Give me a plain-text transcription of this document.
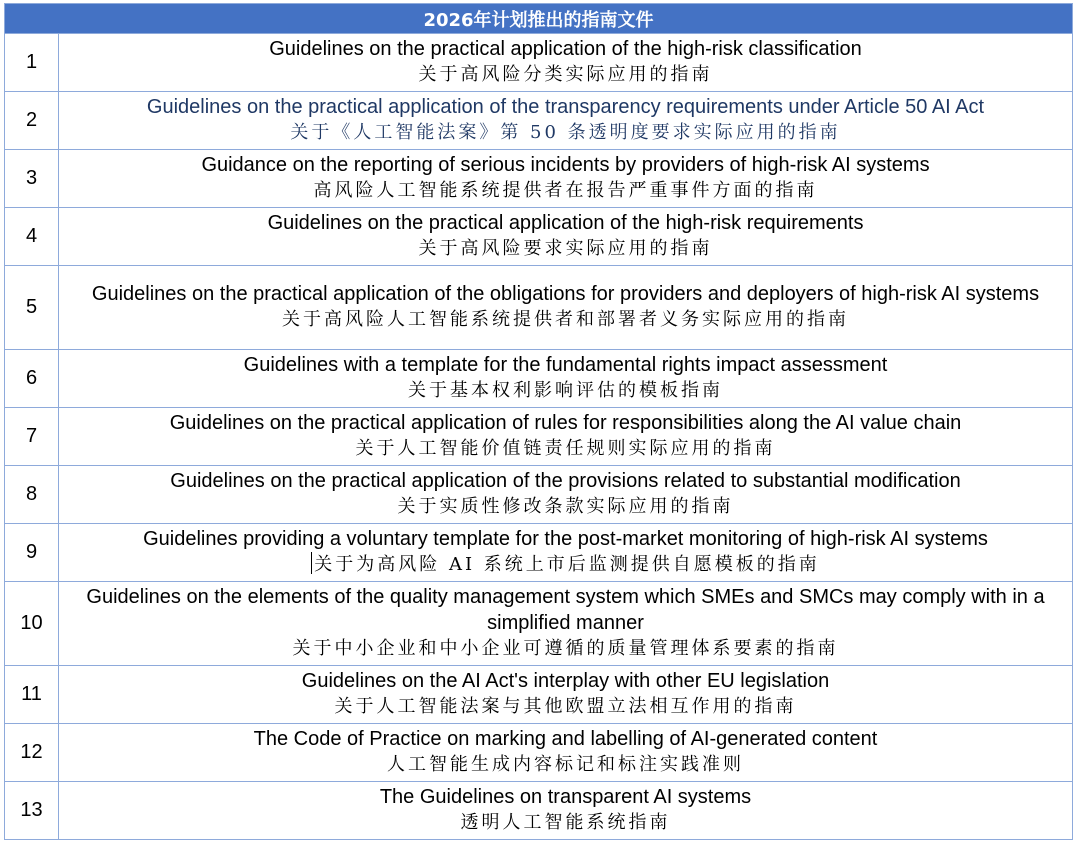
2026年计划推出的指南文件	
1	Guidelines on the practical application of the high-risk classification
关于高风险分类实际应用的指南

2	Guidelines on the practical application of the transparency requirements under Article 50 AI Act
关于《人工智能法案》第 50 条透明度要求实际应用的指南

3	Guidance on the reporting of serious incidents by providers of high-risk AI systems
高风险人工智能系统提供者在报告严重事件方面的指南

4	Guidelines on the practical application of the high-risk requirements
关于高风险要求实际应用的指南

5	Guidelines on the practical application of the obligations for providers and deployers of high-risk AI systems
关于高风险人工智能系统提供者和部署者义务实际应用的指南

6	Guidelines with a template for the fundamental rights impact assessment
关于基本权利影响评估的模板指南

7	Guidelines on the practical application of rules for responsibilities along the AI value chain
关于人工智能价值链责任规则实际应用的指南

8	Guidelines on the practical application of the provisions related to substantial modification
关于实质性修改条款实际应用的指南

9	Guidelines providing a voluntary template for the post-market monitoring of high-risk AI systems
关于为高风险 AI 系统上市后监测提供自愿模板的指南

10	Guidelines on the elements of the quality management system which SMEs and SMCs may comply with in a simplified manner
关于中小企业和中小企业可遵循的质量管理体系要素的指南

11	Guidelines on the AI Act's interplay with other EU legislation
关于人工智能法案与其他欧盟立法相互作用的指南

12	The Code of Practice on marking and labelling of AI-generated content
人工智能生成内容标记和标注实践准则

13	The Guidelines on transparent AI systems
透明人工智能系统指南
